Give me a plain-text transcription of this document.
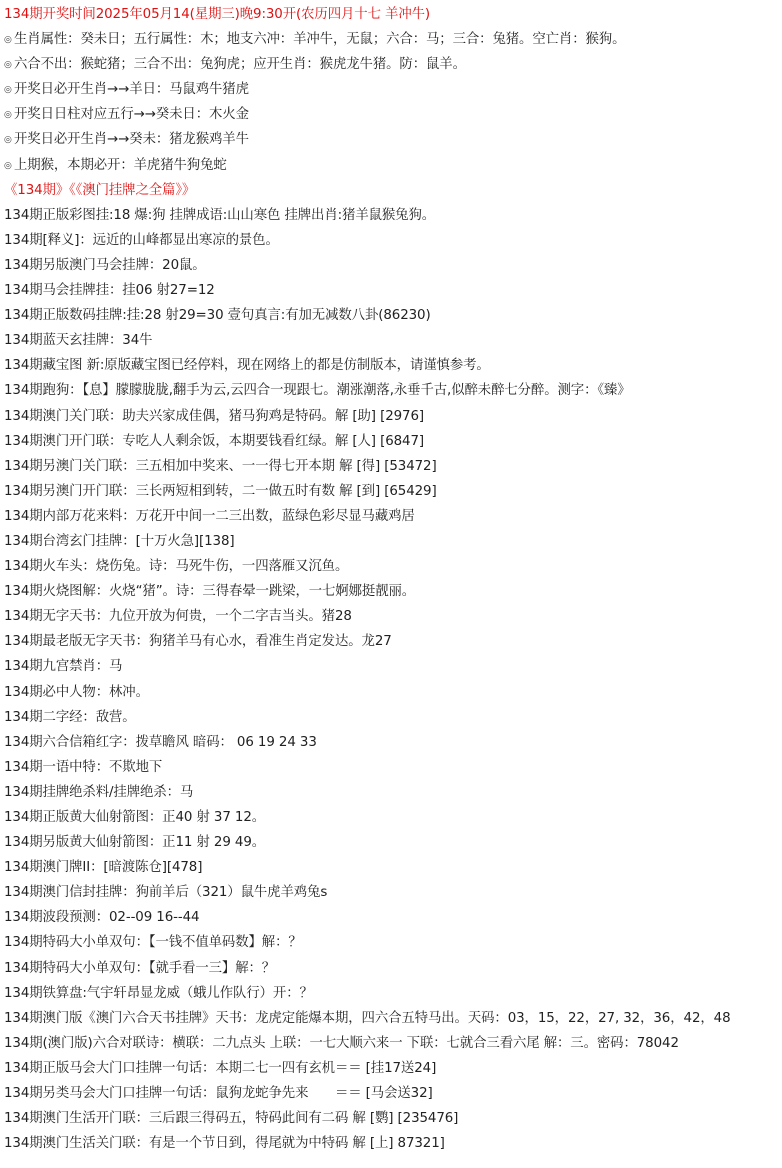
134期开奖时间2025年05月14(星期三)晚9:30开(农历四月十七 羊冲牛)
◎ 生肖属性：癸未日；五行属性：木；地支六冲：羊冲牛，无鼠；六合：马；三合：兔猪。空亡肖：猴狗。
◎ 六合不出：猴蛇猪；三合不出：兔狗虎；应开生肖：猴虎龙牛猪。防：鼠羊。
◎ 开奖日必开生肖→→羊日：马鼠鸡牛猪虎
◎ 开奖日日柱对应五行→→癸未日：木火金
◎ 开奖日必开生肖→→癸未：猪龙猴鸡羊牛
◎ 上期猴，本期必开：羊虎猪牛狗兔蛇
《134期》《《澳门挂牌之全篇》》
134期正版彩图挂:18 爆:狗 挂牌成语:山山寒色 挂牌出肖:猪羊鼠猴兔狗。
134期[释义]：远近的山峰都显出寒凉的景色。
134期另版澳门马会挂牌：20鼠。
134期马会挂牌挂：挂06 射27=12
134期正版数码挂牌:挂:28 射29=30 壹句真言:有加无减数八卦(86230)
134期蓝天玄挂牌：34牛
134期藏宝图 新:原版藏宝图已经停料，现在网络上的都是仿制版本，请谨慎参考。
134期跑狗：【息】朦朦胧胧,翻手为云,云四合一现跟七。潮涨潮落,永垂千古,似醉未醉七分醉。测字：《臻》
134期澳门关门联：助夫兴家成佳偶，猪马狗鸡是特码。解 [助] [2976]
134期澳门开门联：专吃人人剩余饭，本期要钱看红绿。解 [人] [6847]
134期另澳门关门联：三五相加中奖来、一一得七开本期 解 [得] [53472]
134期另澳门开门联：三长两短相到转，二一做五时有数 解 [到] [65429]
134期内部万花来料：万花开中间一二三出数，蓝绿色彩尽显马藏鸡居
134期台湾玄门挂牌：[十万火急][138]
134期火车头：烧伤兔。诗：马死牛伤，一四落雁又沉鱼。
134期火烧图解：火烧“猪”。诗：三得春晕一跳梁，一七婀娜挺靓丽。
134期无字天书：九位开放为何贵，一个二字吉当头。猪28
134期最老版无字天书：狗猪羊马有心水，看准生肖定发达。龙27
134期九宫禁肖：马
134期必中人物：林冲。
134期二字经：敌营。
134期六合信箱红字：拨草瞻风 暗码： 06 19 24 33
134期一语中特：不欺地下
134期挂牌绝杀料/挂牌绝杀：马
134期正版黄大仙射箭图：正40 射 37 12。
134期另版黄大仙射箭图：正11 射 29 49。
134期澳门牌II：[暗渡陈仓][478]
134期澳门信封挂牌：狗前羊后（321）鼠牛虎羊鸡兔s
134期波段预测：02--09 16--44
134期特码大小单双句：【一钱不值单码数】解：？
134期特码大小单双句：【就手看一三】解：？
134期铁算盘:气宇轩昂显龙威（蛾儿作队行）开：？
134期澳门版《澳门六合天书挂牌》天书：龙虎定能爆本期，四六合五特马出。天码：03，15，22，27, 32，36，42，48
134期(澳门版)六合对联诗：横联：二九点头 上联：一七大顺六来一 下联：七就合三看六尾 解：三。密码：78042
134期正版马会大门口挂牌一句话：本期二七一四有玄机＝＝ [挂17送24]
134期另类马会大门口挂牌一句话：鼠狗龙蛇争先来　　＝＝ [马会送32]
134期澳门生活开门联：三后跟三得码五，特码此间有二码 解 [鹦] [235476]
134期澳门生活关门联：有是一个节日到，得尾就为中特码 解 [上] 87321]
